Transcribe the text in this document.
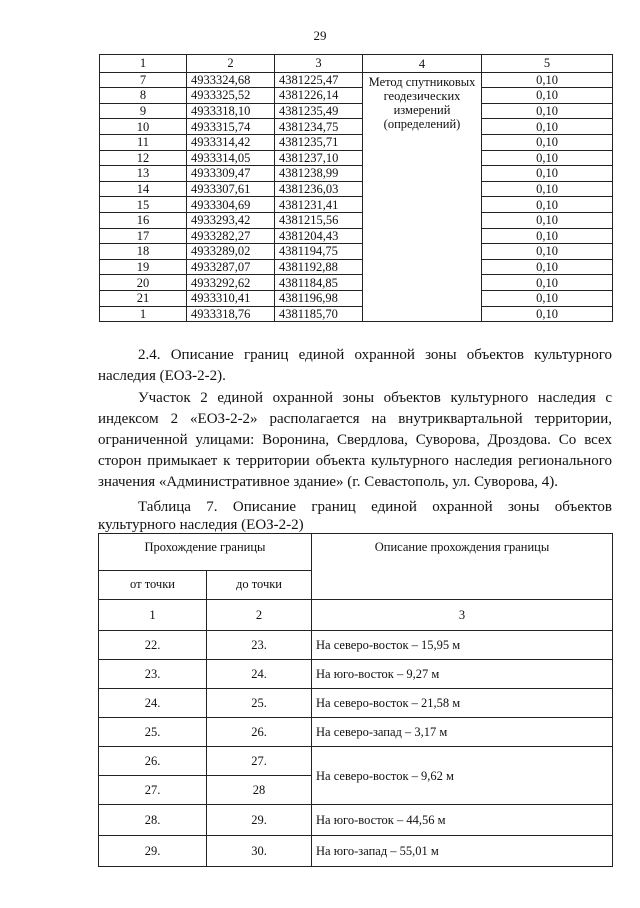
29
1	2	3	4	5
7	4933324,68	4381225,47	Метод спутниковых геодезических измерений (определений)	0,10
8	4933325,52	4381226,14		0,10
9	4933318,10	4381235,49		0,10
10	4933315,74	4381234,75		0,10
11	4933314,42	4381235,71		0,10
12	4933314,05	4381237,10		0,10
13	4933309,47	4381238,99		0,10
14	4933307,61	4381236,03		0,10
15	4933304,69	4381231,41		0,10
16	4933293,42	4381215,56		0,10
17	4933282,27	4381204,43		0,10
18	4933289,02	4381194,75		0,10
19	4933287,07	4381192,88		0,10
20	4933292,62	4381184,85		0,10
21	4933310,41	4381196,98		0,10
1	4933318,76	4381185,70		0,10
2.4. Описание границ единой охранной зоны объектов культурного наследия (ЕОЗ-2-2).
Участок 2 единой охранной зоны объектов культурного наследия с индексом 2 «ЕОЗ-2-2» располагается на внутриквартальной территории, ограниченной улицами: Воронина, Свердлова, Суворова, Дроздова. Со всех сторон примыкает к территории объекта культурного наследия регионального значения «Административное здание» (г. Севастополь, ул. Суворова, 4).
Таблица 7. Описание границ единой охранной зоны объектов культурного наследия (ЕОЗ-2-2)
Прохождение границы		Описание прохождения границы
от точки	до точки	
1	2	3
22.	23.	На северо-восток – 15,95 м
23.	24.	На юго-восток – 9,27 м
24.	25.	На северо-восток – 21,58 м
25.	26.	На северо-запад – 3,17 м
26.	27.	На северо-восток – 9,62 м
27.	28	
28.	29.	На юго-восток – 44,56 м
29.	30.	На юго-запад – 55,01 м
